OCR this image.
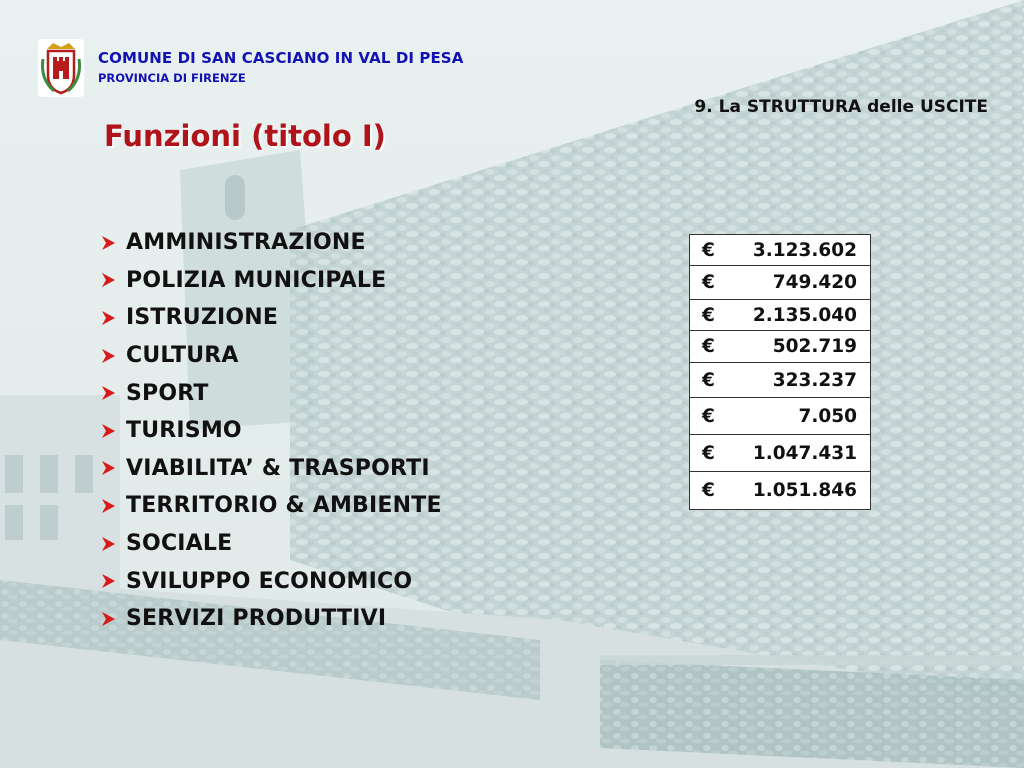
COMUNE DI SAN CASCIANO IN VAL DI PESA
PROVINCIA DI FIRENZE
9. La STRUTTURA delle USCITE
Funzioni (titolo I)
AMMINISTRAZIONE
POLIZIA MUNICIPALE
ISTRUZIONE
CULTURA
SPORT
TURISMO
VIABILITA’ & TRASPORTI
TERRITORIO & AMBIENTE
SOCIALE
SVILUPPO ECONOMICO
SERVIZI PRODUTTIVI
€ 3.123.602

€	749.420

€ 2.135.040

€	502.719

€	323.237

€	7.050

€ 1.047.431

€ 1.051.846
